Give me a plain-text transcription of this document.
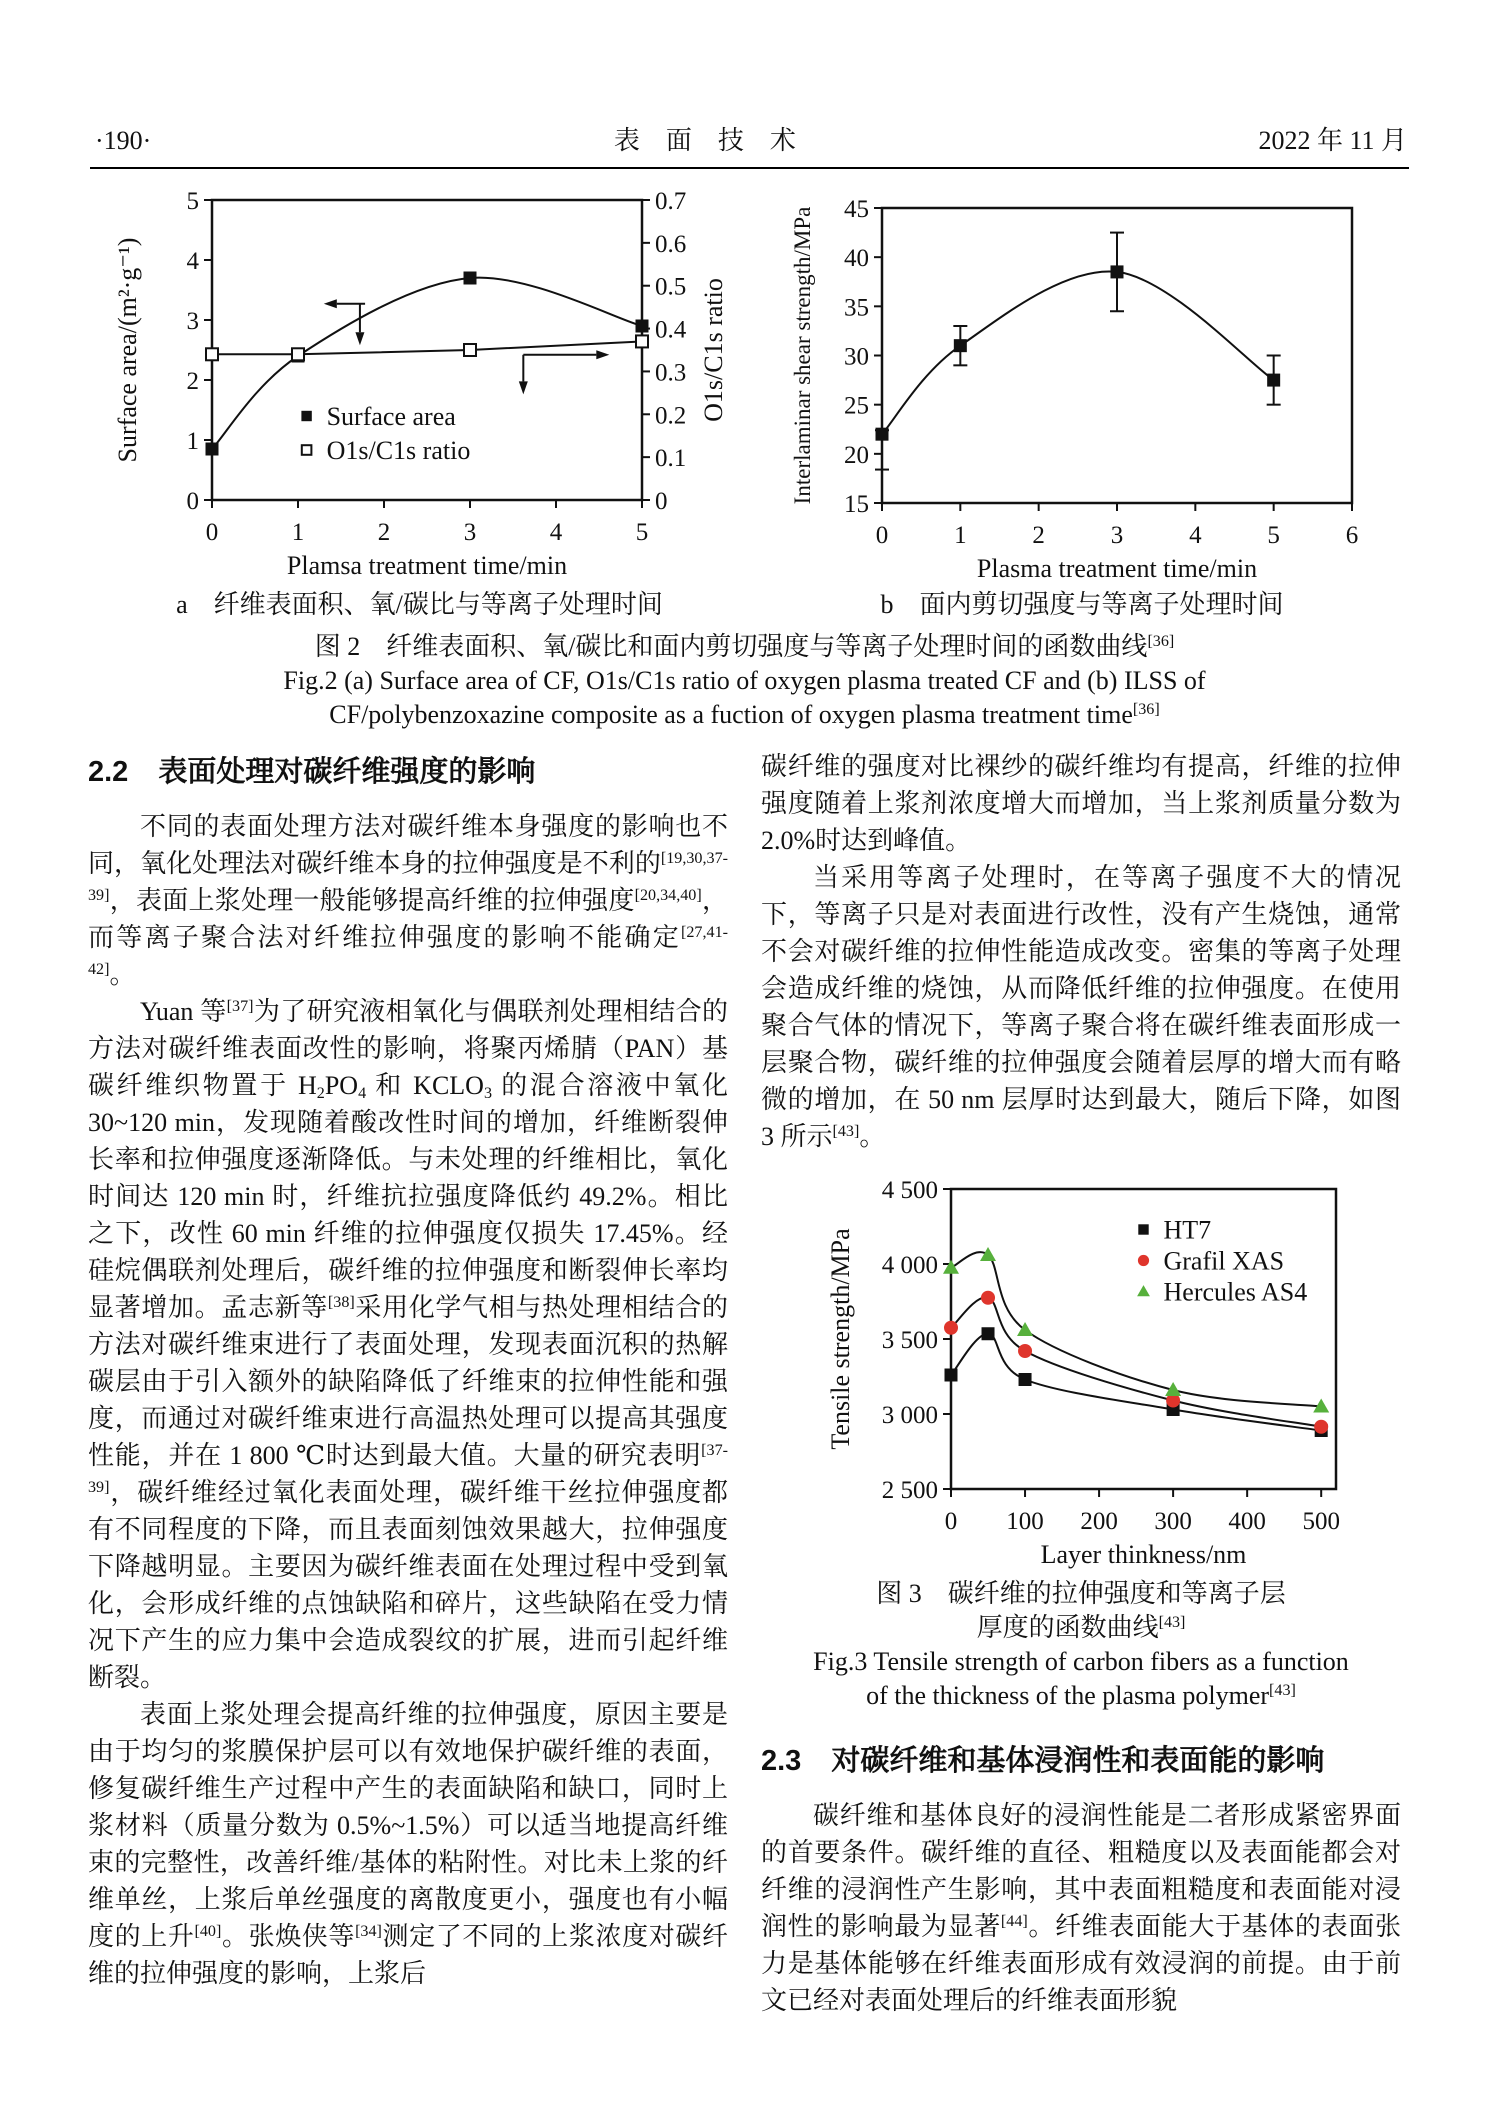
·190·	表　面　技　术	2022 年 11 月
0
1
2
3
4
5
0
0.1
0.2
0.3
0.4
0.5
0.6
0.7
0	1	2	3	4	5
Plamsa treatment time/min
Surface area/(m²·g⁻¹)	O1s/C1s ratio
Surface area
O1s/C1s ratio
a　纤维表面积、氧/碳比与等离子处理时间
15
20
25
30
35
40
45
0	1	2	3	4	5	6
Plasma treatment time/min
Interlaminar shear strength/MPa
b　面内剪切强度与等离子处理时间
图 2　纤维表面积、氧/碳比和面内剪切强度与等离子处理时间的函数曲线[36]
Fig.2 (a) Surface area of CF, O1s/C1s ratio of oxygen plasma treated CF and (b) ILSS of
CF/polybenzoxazine composite as a fuction of oxygen plasma treatment time[36]
2.2 表面处理对碳纤维强度的影响

不同的表面处理方法对碳纤维本身强度的影响也不同，氧化处理法对碳纤维本身的拉伸强度是不利的[19,30,37-39]，表面上浆处理一般能够提高纤维的拉伸强度[20,34,40]，而等离子聚合法对纤维拉伸强度的影响不能确定[27,41-42]。

Yuan 等[37]为了研究液相氧化与偶联剂处理相结合的方法对碳纤维表面改性的影响，将聚丙烯腈（PAN）基碳纤维织物置于 $H_2PO_4$ 和 $KCLO_3$ 的混合溶液中氧化 30~120 min，发现随着酸改性时间的增加，纤维断裂伸长率和拉伸强度逐渐降低。与未处理的纤维相比，氧化时间达 120 min 时，纤维抗拉强度降低约 49.2%。相比之下，改性 60 min 纤维的拉伸强度仅损失 17.45%。经硅烷偶联剂处理后，碳纤维的拉伸强度和断裂伸长率均显著增加。孟志新等[38]采用化学气相与热处理相结合的方法对碳纤维束进行了表面处理，发现表面沉积的热解碳层由于引入额外的缺陷降低了纤维束的拉伸性能和强度，而通过对碳纤维束进行高温热处理可以提高其强度性能，并在 1 800 ℃时达到最大值。大量的研究表明[37-39]，碳纤维经过氧化表面处理，碳纤维干丝拉伸强度都有不同程度的下降，而且表面刻蚀效果越大，拉伸强度下降越明显。主要因为碳纤维表面在处理过程中受到氧化，会形成纤维的点蚀缺陷和碎片，这些缺陷在受力情况下产生的应力集中会造成裂纹的扩展，进而引起纤维断裂。

表面上浆处理会提高纤维的拉伸强度，原因主要是由于均匀的浆膜保护层可以有效地保护碳纤维的表面，修复碳纤维生产过程中产生的表面缺陷和缺口，同时上浆材料（质量分数为 0.5%~1.5%）可以适当地提高纤维束的完整性，改善纤维/基体的粘附性。对比未上浆的纤维单丝，上浆后单丝强度的离散度更小，强度也有小幅度的上升[40]。张焕侠等[34]测定了不同的上浆浓度对碳纤维的拉伸强度的影响，上浆后

碳纤维的强度对比裸纱的碳纤维均有提高，纤维的拉伸强度随着上浆剂浓度增大而增加，当上浆剂质量分数为 2.0%时达到峰值。

当采用等离子处理时，在等离子强度不大的情况下，等离子只是对表面进行改性，没有产生烧蚀，通常不会对碳纤维的拉伸性能造成改变。密集的等离子处理会造成纤维的烧蚀，从而降低纤维的拉伸强度。在使用聚合气体的情况下，等离子聚合将在碳纤维表面形成一层聚合物，碳纤维的拉伸强度会随着层厚的增大而有略微的增加，在 50 nm 层厚时达到最大，随后下降，如图 3 所示[43]。

2 500
3 000
3 500
4 000
4 500
0 100 200 300 400 500
Layer thinkness/nm
Tensile strength/MPa	HT7
Grafil XAS
Hercules AS4
图 3　碳纤维的拉伸强度和等离子层
厚度的函数曲线[43]
Fig.3 Tensile strength of carbon fibers as a function
of the thickness of the plasma polymer[43]
2.3 对碳纤维和基体浸润性和表面能的影响

碳纤维和基体良好的浸润性能是二者形成紧密界面的首要条件。碳纤维的直径、粗糙度以及表面能都会对纤维的浸润性产生影响，其中表面粗糙度和表面能对浸润性的影响最为显著[44]。纤维表面能大于基体的表面张力是基体能够在纤维表面形成有效浸润的前提。由于前文已经对表面处理后的纤维表面形貌
